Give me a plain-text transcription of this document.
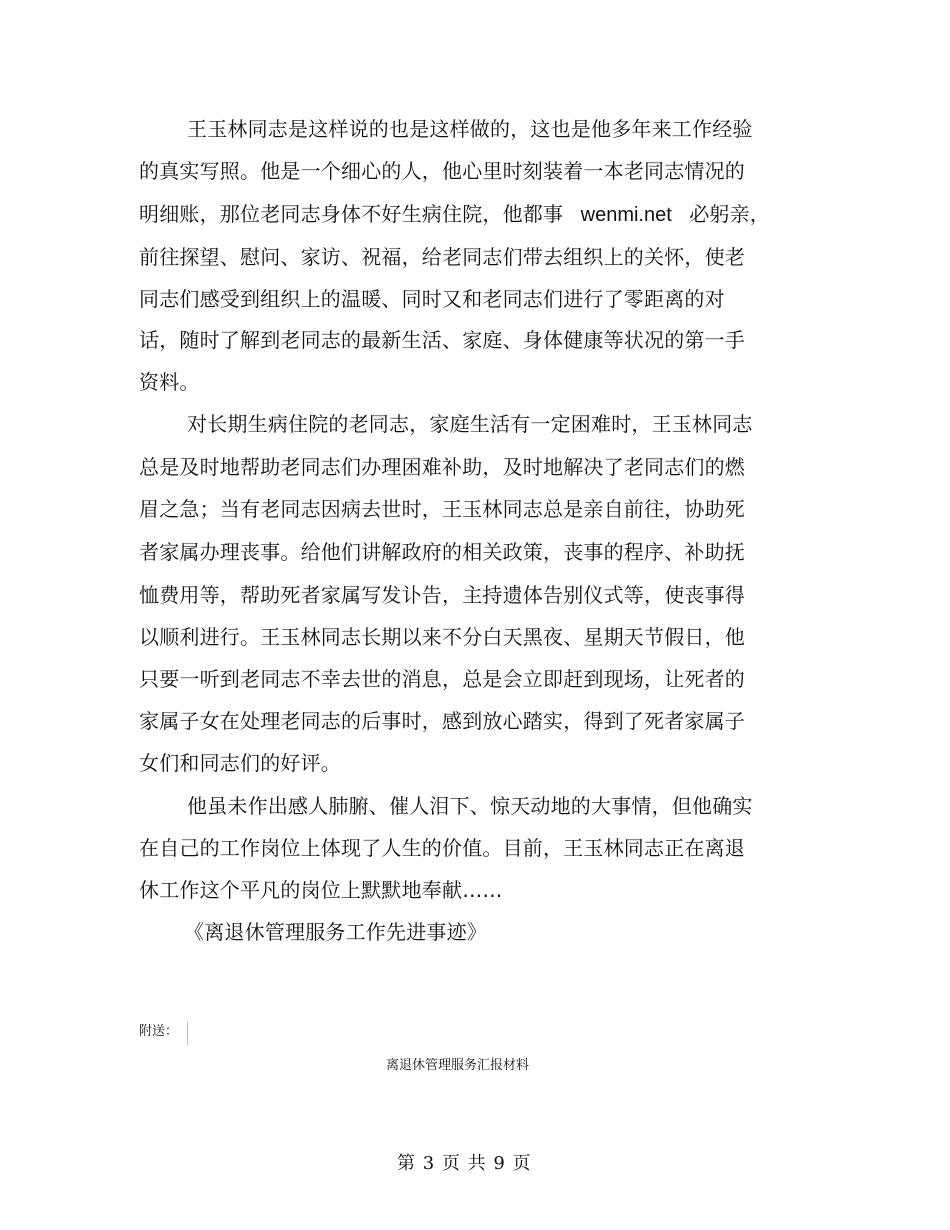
王玉林同志是这样说的也是这样做的，这也是他多年来工作经验
的真实写照。他是一个细心的人，他心里时刻装着一本老同志情况的
明细账，那位老同志身体不好生病住院，他都事 wenmi.net 必躬亲，
前往探望、慰问、家访、祝福，给老同志们带去组织上的关怀，使老
同志们感受到组织上的温暖、同时又和老同志们进行了零距离的对
话，随时了解到老同志的最新生活、家庭、身体健康等状况的第一手
资料。
对长期生病住院的老同志，家庭生活有一定困难时，王玉林同志
总是及时地帮助老同志们办理困难补助，及时地解决了老同志们的燃
眉之急；当有老同志因病去世时，王玉林同志总是亲自前往，协助死
者家属办理丧事。给他们讲解政府的相关政策，丧事的程序、补助抚
恤费用等，帮助死者家属写发讣告，主持遗体告别仪式等，使丧事得
以顺利进行。王玉林同志长期以来不分白天黑夜、星期天节假日，他
只要一听到老同志不幸去世的消息，总是会立即赶到现场，让死者的
家属子女在处理老同志的后事时，感到放心踏实，得到了死者家属子
女们和同志们的好评。
他虽未作出感人肺腑、催人泪下、惊天动地的大事情，但他确实
在自己的工作岗位上体现了人生的价值。目前，王玉林同志正在离退
休工作这个平凡的岗位上默默地奉献……
《离退休管理服务工作先进事迹》
附送：
离退休管理服务汇报材料
第 3 页 共 9 页
